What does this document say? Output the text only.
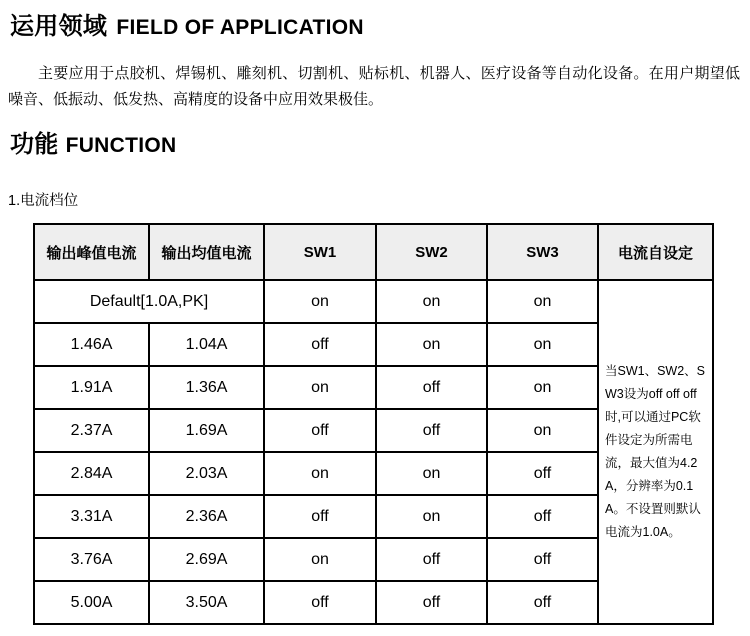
运用领域 FIELD OF APPLICATION

主要应用于点胶机、焊锡机、雕刻机、切割机、贴标机、机器人、医疗设备等自动化设备。在用户期望低噪音、低振动、低发热、高精度的设备中应用效果极佳。

功能 FUNCTION
1.电流档位
输出峰值电流	输出均值电流	SW1	SW2	SW3	电流自设定
Default[1.0A,PK]		on	on	on	当SW1、SW2、SW3设为off off off时,可以通过PC软件设定为所需电流，最大值为4.2A，分辨率为0.1A。不设置则默认电流为1.0A。
1.46A	1.04A	off	on	on	
1.91A	1.36A	on	off	on	
2.37A	1.69A	off	off	on	
2.84A	2.03A	on	on	off	
3.31A	2.36A	off	on	off	
3.76A	2.69A	on	off	off	
5.00A	3.50A	off	off	off	
